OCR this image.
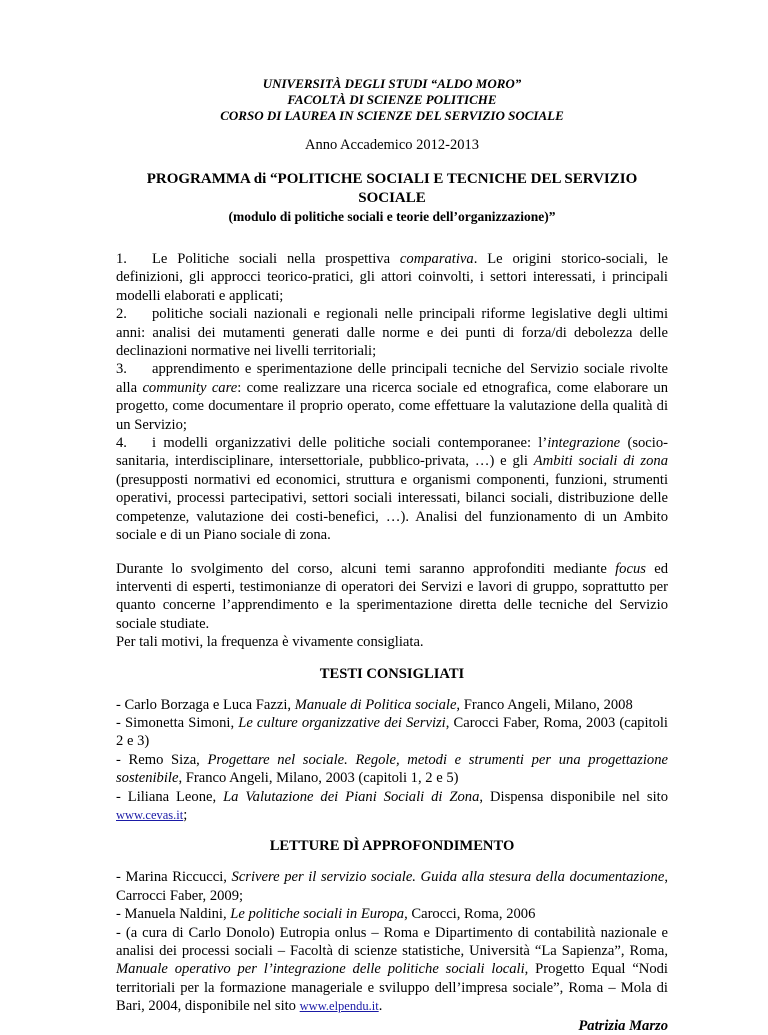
UNIVERSITÀ DEGLI STUDI “ALDO MORO”
FACOLTÀ DI SCIENZE POLITICHE
CORSO DI LAUREA IN SCIENZE DEL SERVIZIO SOCIALE
Anno Accademico 2012-2013
PROGRAMMA di “POLITICHE SOCIALI E TECNICHE DEL SERVIZIO SOCIALE
(modulo di politiche sociali e teorie dell’organizzazione)”
1. Le Politiche sociali nella prospettiva comparativa. Le origini storico-sociali, le definizioni, gli approcci teorico-pratici, gli attori coinvolti, i settori interessati, i principali modelli elaborati e applicati;
2. politiche sociali nazionali e regionali nelle principali riforme legislative degli ultimi anni: analisi dei mutamenti generati dalle norme e dei punti di forza/di debolezza delle declinazioni normative nei livelli territoriali;
3. apprendimento e sperimentazione delle principali tecniche del Servizio sociale rivolte alla community care: come realizzare una ricerca sociale ed etnografica, come elaborare un progetto, come documentare il proprio operato, come effettuare la valutazione della qualità di un Servizio;
4. i modelli organizzativi delle politiche sociali contemporanee: l’integrazione (socio-sanitaria, interdisciplinare, intersettoriale, pubblico-privata, …) e gli Ambiti sociali di zona (presupposti normativi ed economici, struttura e organismi componenti, funzioni, strumenti operativi, processi partecipativi, settori sociali interessati, bilanci sociali, distribuzione delle competenze, valutazione dei costi-benefici, …). Analisi del funzionamento di un Ambito sociale e di un Piano sociale di zona.
Durante lo svolgimento del corso, alcuni temi saranno approfonditi mediante focus ed interventi di esperti, testimonianze di operatori dei Servizi e lavori di gruppo, soprattutto per quanto concerne l’apprendimento e la sperimentazione diretta delle tecniche del Servizio sociale studiate.
Per tali motivi, la frequenza è vivamente consigliata.
TESTI CONSIGLIATI
- Carlo Borzaga e Luca Fazzi, Manuale di Politica sociale, Franco Angeli, Milano, 2008
- Simonetta Simoni, Le culture organizzative dei Servizi, Carocci Faber, Roma, 2003 (capitoli 2 e 3)
- Remo Siza, Progettare nel sociale. Regole, metodi e strumenti per una progettazione sostenibile, Franco Angeli, Milano, 2003 (capitoli 1, 2 e 5)
- Liliana Leone, La Valutazione dei Piani Sociali di Zona, Dispensa disponibile nel sito www.cevas.it;
LETTURE DÌ APPROFONDIMENTO
- Marina Riccucci, Scrivere per il servizio sociale. Guida alla stesura della documentazione, Carrocci Faber, 2009;
- Manuela Naldini, Le politiche sociali in Europa, Carocci, Roma, 2006
- (a cura di Carlo Donolo) Eutropia onlus – Roma e Dipartimento di contabilità nazionale e analisi dei processi sociali – Facoltà di scienze statistiche, Università “La Sapienza”, Roma, Manuale operativo per l’integrazione delle politiche sociali locali, Progetto Equal “Nodi territoriali per la formazione manageriale e sviluppo dell’impresa sociale”, Roma – Mola di Bari, 2004, disponibile nel sito www.elpendu.it.
Patrizia Marzo
